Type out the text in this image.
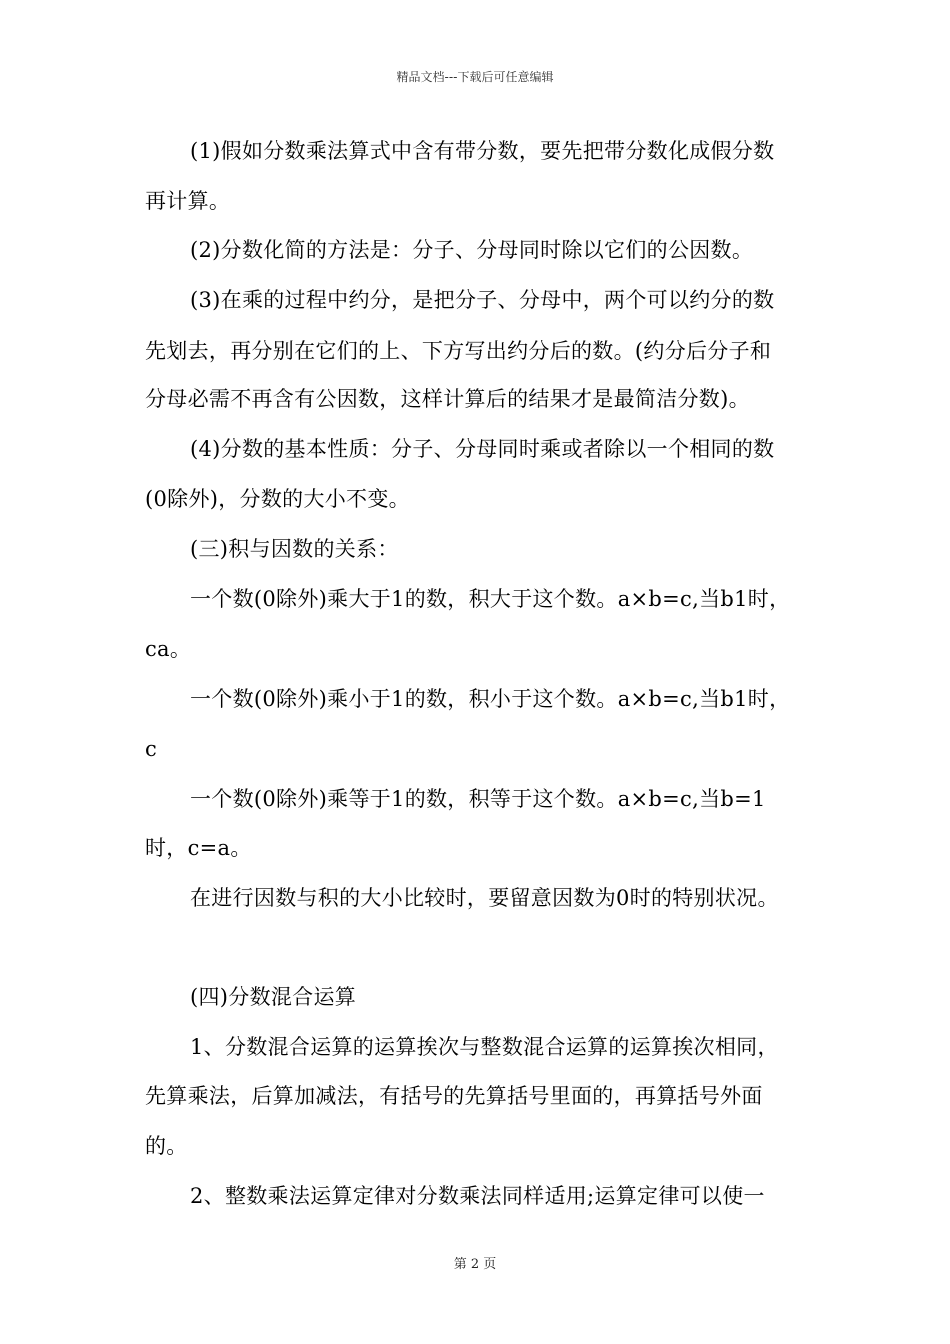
精品文档---下载后可任意编辑
(1)假如分数乘法算式中含有带分数，要先把带分数化成假分数
再计算。
(2)分数化简的方法是：分子、分母同时除以它们的公因数。
(3)在乘的过程中约分，是把分子、分母中，两个可以约分的数
先划去，再分别在它们的上、下方写出约分后的数。(约分后分子和
分母必需不再含有公因数，这样计算后的结果才是最简洁分数)。
(4)分数的基本性质：分子、分母同时乘或者除以一个相同的数
(0除外)，分数的大小不变。
(三)积与因数的关系：
一个数(0除外)乘大于1的数，积大于这个数。a×b=c,当b1时，
ca。
一个数(0除外)乘小于1的数，积小于这个数。a×b=c,当b1时，
c
一个数(0除外)乘等于1的数，积等于这个数。a×b=c,当b=1
时，c=a。
在进行因数与积的大小比较时，要留意因数为0时的特别状况。
(四)分数混合运算
1、分数混合运算的运算挨次与整数混合运算的运算挨次相同，
先算乘法，后算加减法，有括号的先算括号里面的，再算括号外面
的。
2、整数乘法运算定律对分数乘法同样适用;运算定律可以使一
第 2 页
